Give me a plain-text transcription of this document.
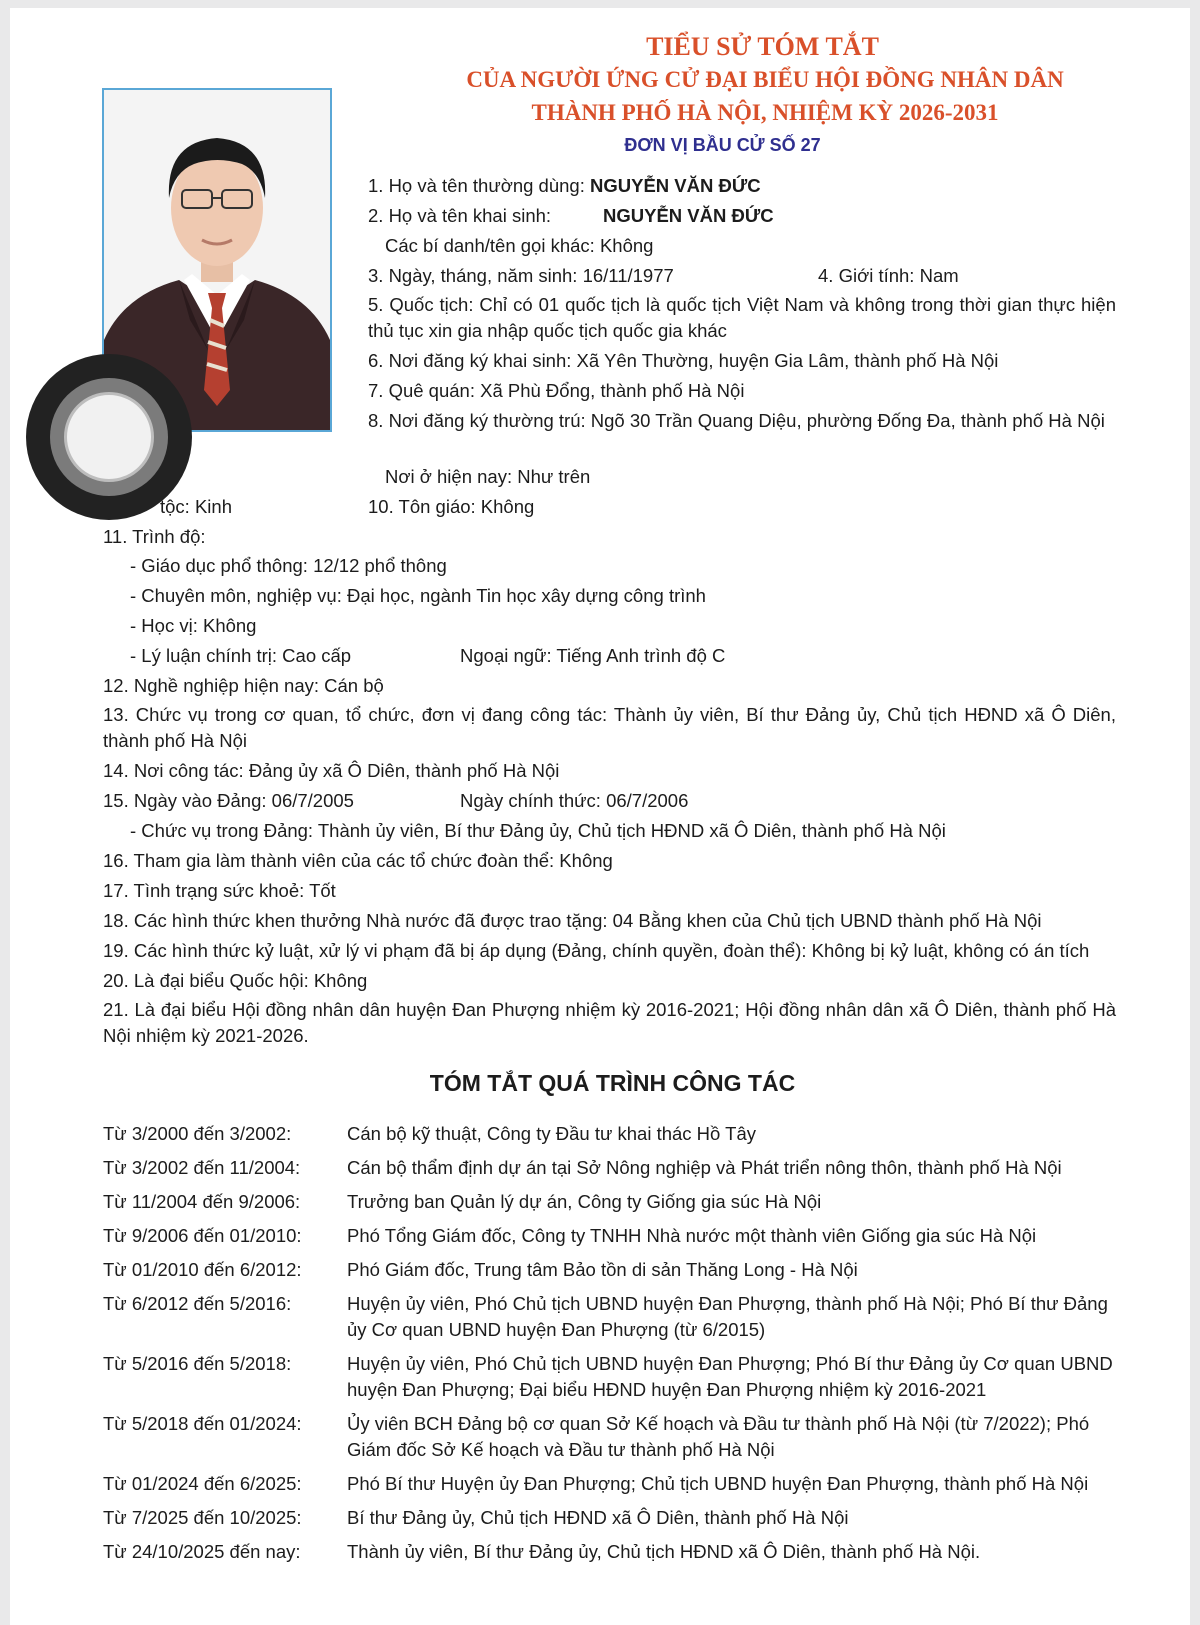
TIỂU SỬ TÓM TẮT
CỦA NGƯỜI ỨNG CỬ ĐẠI BIỂU HỘI ĐỒNG NHÂN DÂN
THÀNH PHỐ HÀ NỘI, NHIỆM KỲ 2026-2031
ĐƠN VỊ BẦU CỬ SỐ 27
1. Họ và tên thường dùng: NGUYỄN VĂN ĐỨC
2. Họ và tên khai sinh:	NGUYỄN VĂN ĐỨC
Các bí danh/tên gọi khác: Không
3. Ngày, tháng, năm sinh: 16/11/1977	4. Giới tính: Nam
5. Quốc tịch: Chỉ có 01 quốc tịch là quốc tịch Việt Nam và không trong thời gian thực hiện thủ tục xin gia nhập quốc tịch quốc gia khác
6. Nơi đăng ký khai sinh: Xã Yên Thường, huyện Gia Lâm, thành phố Hà Nội
7. Quê quán: Xã Phù Đổng, thành phố Hà Nội
8. Nơi đăng ký thường trú: Ngõ 30 Trần Quang Diệu, phường Đống Đa, thành phố Hà Nội
Nơi ở hiện nay: Như trên
tộc: Kinh	10. Tôn giáo: Không
11. Trình độ:
- Giáo dục phổ thông: 12/12 phổ thông
- Chuyên môn, nghiệp vụ: Đại học, ngành Tin học xây dựng công trình
- Học vị: Không
- Lý luận chính trị: Cao cấp	Ngoại ngữ: Tiếng Anh trình độ C
12. Nghề nghiệp hiện nay: Cán bộ
13. Chức vụ trong cơ quan, tổ chức, đơn vị đang công tác: Thành ủy viên, Bí thư Đảng ủy, Chủ tịch HĐND xã Ô Diên, thành phố Hà Nội
14. Nơi công tác: Đảng ủy xã Ô Diên, thành phố Hà Nội
15. Ngày vào Đảng: 06/7/2005	Ngày chính thức: 06/7/2006
- Chức vụ trong Đảng: Thành ủy viên, Bí thư Đảng ủy, Chủ tịch HĐND xã Ô Diên, thành phố Hà Nội
16. Tham gia làm thành viên của các tổ chức đoàn thể: Không
17. Tình trạng sức khoẻ: Tốt
18. Các hình thức khen thưởng Nhà nước đã được trao tặng: 04 Bằng khen của Chủ tịch UBND thành phố Hà Nội
19. Các hình thức kỷ luật, xử lý vi phạm đã bị áp dụng (Đảng, chính quyền, đoàn thể): Không bị kỷ luật, không có án tích
20. Là đại biểu Quốc hội: Không
21. Là đại biểu Hội đồng nhân dân huyện Đan Phượng nhiệm kỳ 2016-2021; Hội đồng nhân dân xã Ô Diên, thành phố Hà Nội nhiệm kỳ 2021-2026.
TÓM TẮT QUÁ TRÌNH CÔNG TÁC
Từ 3/2000 đến 3/2002:	Cán bộ kỹ thuật, Công ty Đầu tư khai thác Hồ Tây
Từ 3/2002 đến 11/2004:	Cán bộ thẩm định dự án tại Sở Nông nghiệp và Phát triển nông thôn, thành phố Hà Nội
Từ 11/2004 đến 9/2006:	Trưởng ban Quản lý dự án, Công ty Giống gia súc Hà Nội
Từ 9/2006 đến 01/2010: Phó Tổng Giám đốc, Công ty TNHH Nhà nước một thành viên Giống gia súc Hà Nội
Từ 01/2010 đến 6/2012: Phó Giám đốc, Trung tâm Bảo tồn di sản Thăng Long - Hà Nội
Từ 6/2012 đến 5/2016:	Huyện ủy viên, Phó Chủ tịch UBND huyện Đan Phượng, thành phố Hà Nội; Phó Bí thư Đảng ủy Cơ quan UBND huyện Đan Phượng (từ 6/2015)
Từ 5/2016 đến 5/2018:	Huyện ủy viên, Phó Chủ tịch UBND huyện Đan Phượng; Phó Bí thư Đảng ủy Cơ quan UBND huyện Đan Phượng; Đại biểu HĐND huyện Đan Phượng nhiệm kỳ 2016-2021
Từ 5/2018 đến 01/2024: Ủy viên BCH Đảng bộ cơ quan Sở Kế hoạch và Đầu tư thành phố Hà Nội (từ 7/2022); Phó Giám đốc Sở Kế hoạch và Đầu tư thành phố Hà Nội
Từ 01/2024 đến 6/2025: Phó Bí thư Huyện ủy Đan Phượng; Chủ tịch UBND huyện Đan Phượng, thành phố Hà Nội
Từ 7/2025 đến 10/2025: Bí thư Đảng ủy, Chủ tịch HĐND xã Ô Diên, thành phố Hà Nội
Từ 24/10/2025 đến nay:	Thành ủy viên, Bí thư Đảng ủy, Chủ tịch HĐND xã Ô Diên, thành phố Hà Nội.
